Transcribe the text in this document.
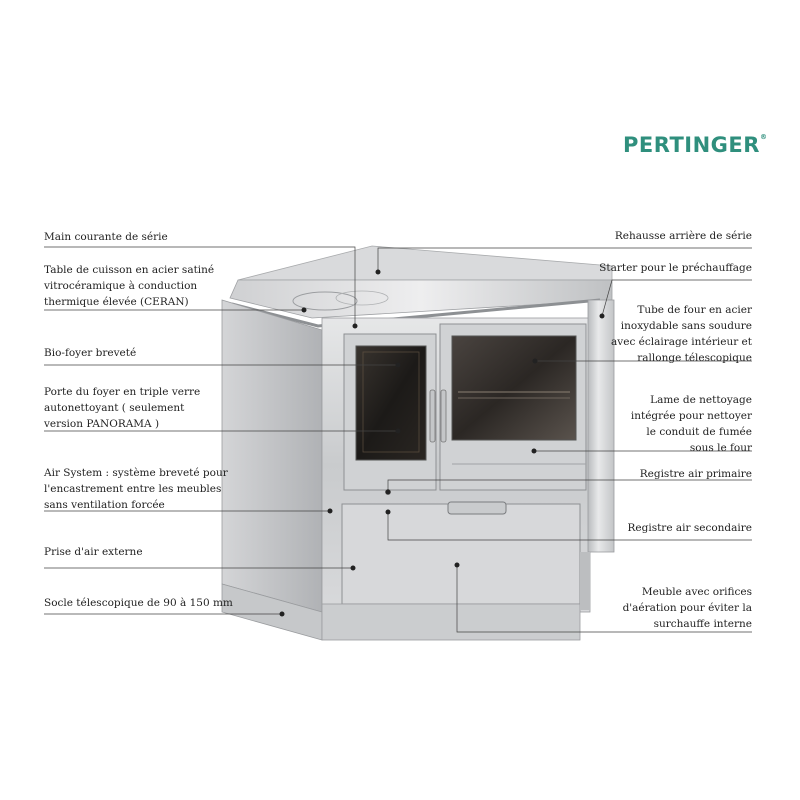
PERTINGER®
Main courante de série
Table de cuisson en acier satiné
vitrocéramique à conduction
thermique élevée (CERAN)
Bio-foyer breveté
Porte du foyer en triple verre
autonettoyant ( seulement
version PANORAMA )
Air System : système breveté pour
l'encastrement entre les meubles
sans ventilation forcée
Prise d'air externe
Socle télescopique de 90 à 150 mm
Rehausse arrière de série
Starter pour le préchauffage
Tube de four en acier
inoxydable sans soudure
avec éclairage intérieur et
rallonge télescopique
Lame de nettoyage
intégrée pour nettoyer
le conduit de fumée
sous le four
Registre air primaire
Registre air secondaire
Meuble avec orifices
d'aération pour éviter la
surchauffe interne
